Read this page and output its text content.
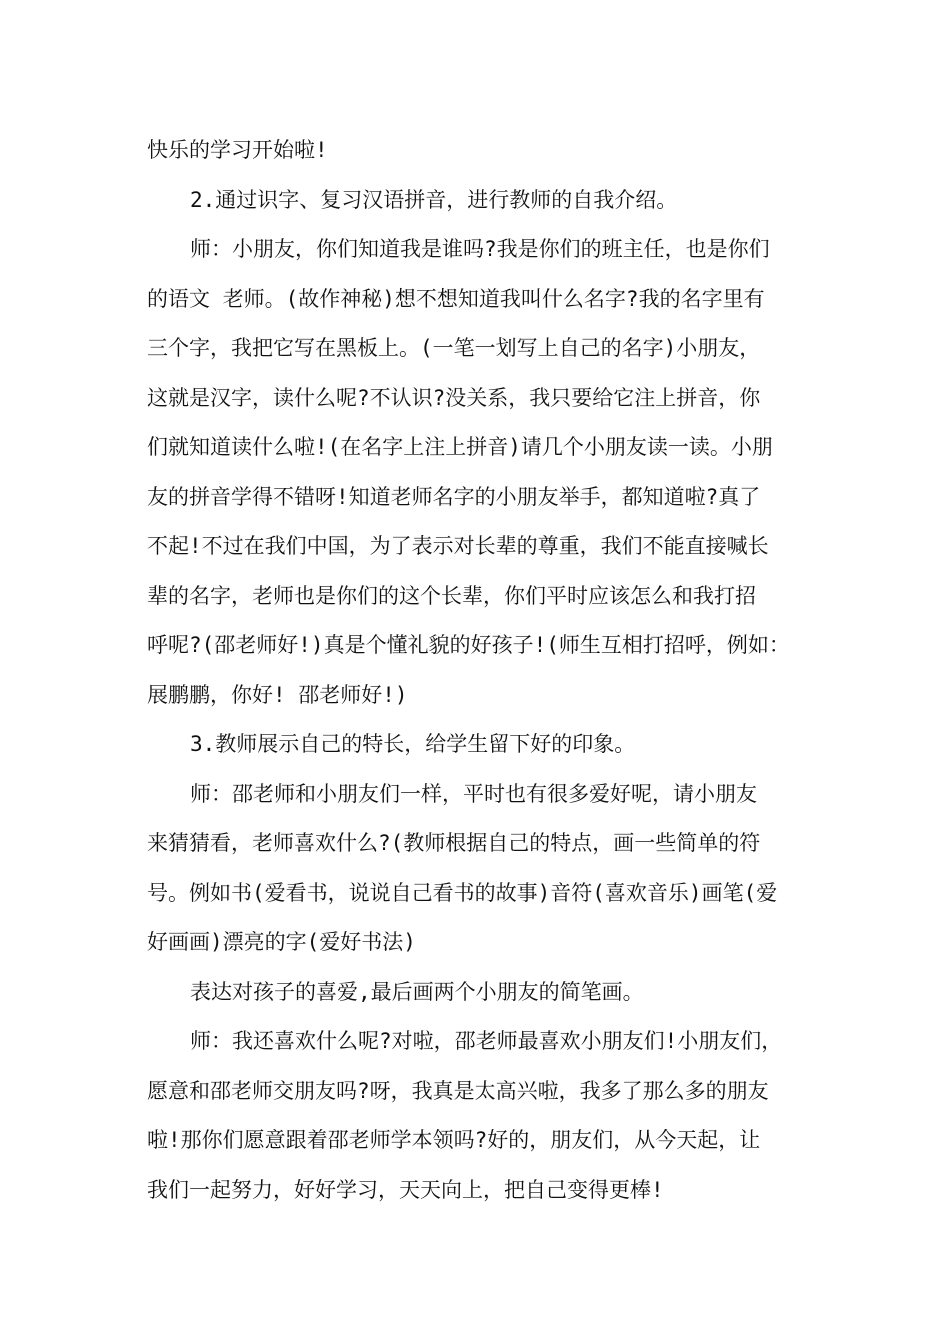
快乐的学习开始啦!
2.通过识字、复习汉语拼音，进行教师的自我介绍。
师：小朋友，你们知道我是谁吗?我是你们的班主任，也是你们
的语文 老师。(故作神秘)想不想知道我叫什么名字?我的名字里有
三个字，我把它写在黑板上。(一笔一划写上自己的名字)小朋友，
这就是汉字，读什么呢?不认识?没关系，我只要给它注上拼音，你
们就知道读什么啦!(在名字上注上拼音)请几个小朋友读一读。小朋
友的拼音学得不错呀!知道老师名字的小朋友举手，都知道啦?真了
不起!不过在我们中国，为了表示对长辈的尊重，我们不能直接喊长
辈的名字，老师也是你们的这个长辈，你们平时应该怎么和我打招
呼呢?(邵老师好!)真是个懂礼貌的好孩子!(师生互相打招呼，例如：
展鹏鹏，你好! 邵老师好!)
3.教师展示自己的特长，给学生留下好的印象。
师：邵老师和小朋友们一样，平时也有很多爱好呢，请小朋友
来猜猜看，老师喜欢什么?(教师根据自己的特点，画一些简单的符
号。例如书(爱看书，说说自己看书的故事)音符(喜欢音乐)画笔(爱
好画画)漂亮的字(爱好书法)
表达对孩子的喜爱,最后画两个小朋友的简笔画。
师：我还喜欢什么呢?对啦，邵老师最喜欢小朋友们!小朋友们，
愿意和邵老师交朋友吗?呀，我真是太高兴啦，我多了那么多的朋友
啦!那你们愿意跟着邵老师学本领吗?好的，朋友们，从今天起，让
我们一起努力，好好学习，天天向上，把自己变得更棒!
